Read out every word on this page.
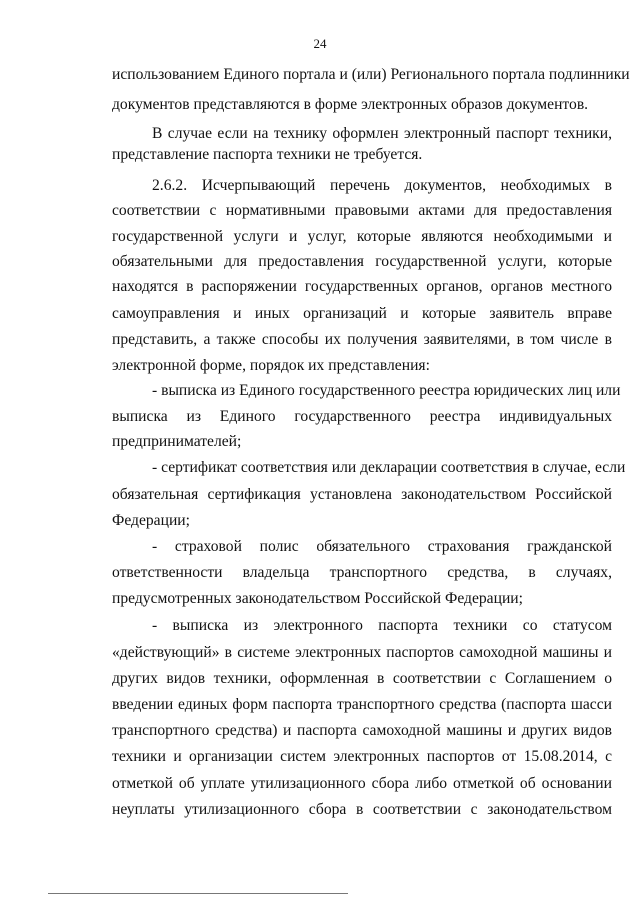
24
использованием Единого портала и (или) Регионального портала подлинники
документов представляются в форме электронных образов документов.
В случае если на технику оформлен электронный паспорт техники,
представление паспорта техники не требуется.
2.6.2. Исчерпывающий перечень документов, необходимых в
соответствии с нормативными правовыми актами для предоставления
государственной услуги и услуг, которые являются необходимыми и
обязательными для предоставления государственной услуги, которые
находятся в распоряжении государственных органов, органов местного
самоуправления и иных организаций и которые заявитель вправе
представить, а также способы их получения заявителями, в том числе в
электронной форме, порядок их представления:
- выписка из Единого государственного реестра юридических лиц или
выписка из Единого государственного реестра индивидуальных
предпринимателей;
- сертификат соответствия или декларации соответствия в случае, если
обязательная сертификация установлена законодательством Российской
Федерации;
- страховой полис обязательного страхования гражданской
ответственности владельца транспортного средства, в случаях,
предусмотренных законодательством Российской Федерации;
- выписка из электронного паспорта техники со статусом
«действующий» в системе электронных паспортов самоходной машины и
других видов техники, оформленная в соответствии с Соглашением о
введении единых форм паспорта транспортного средства (паспорта шасси
транспортного средства) и паспорта самоходной машины и других видов
техники и организации систем электронных паспортов от 15.08.2014, с
отметкой об уплате утилизационного сбора либо отметкой об основании
неуплаты утилизационного сбора в соответствии с законодательством
